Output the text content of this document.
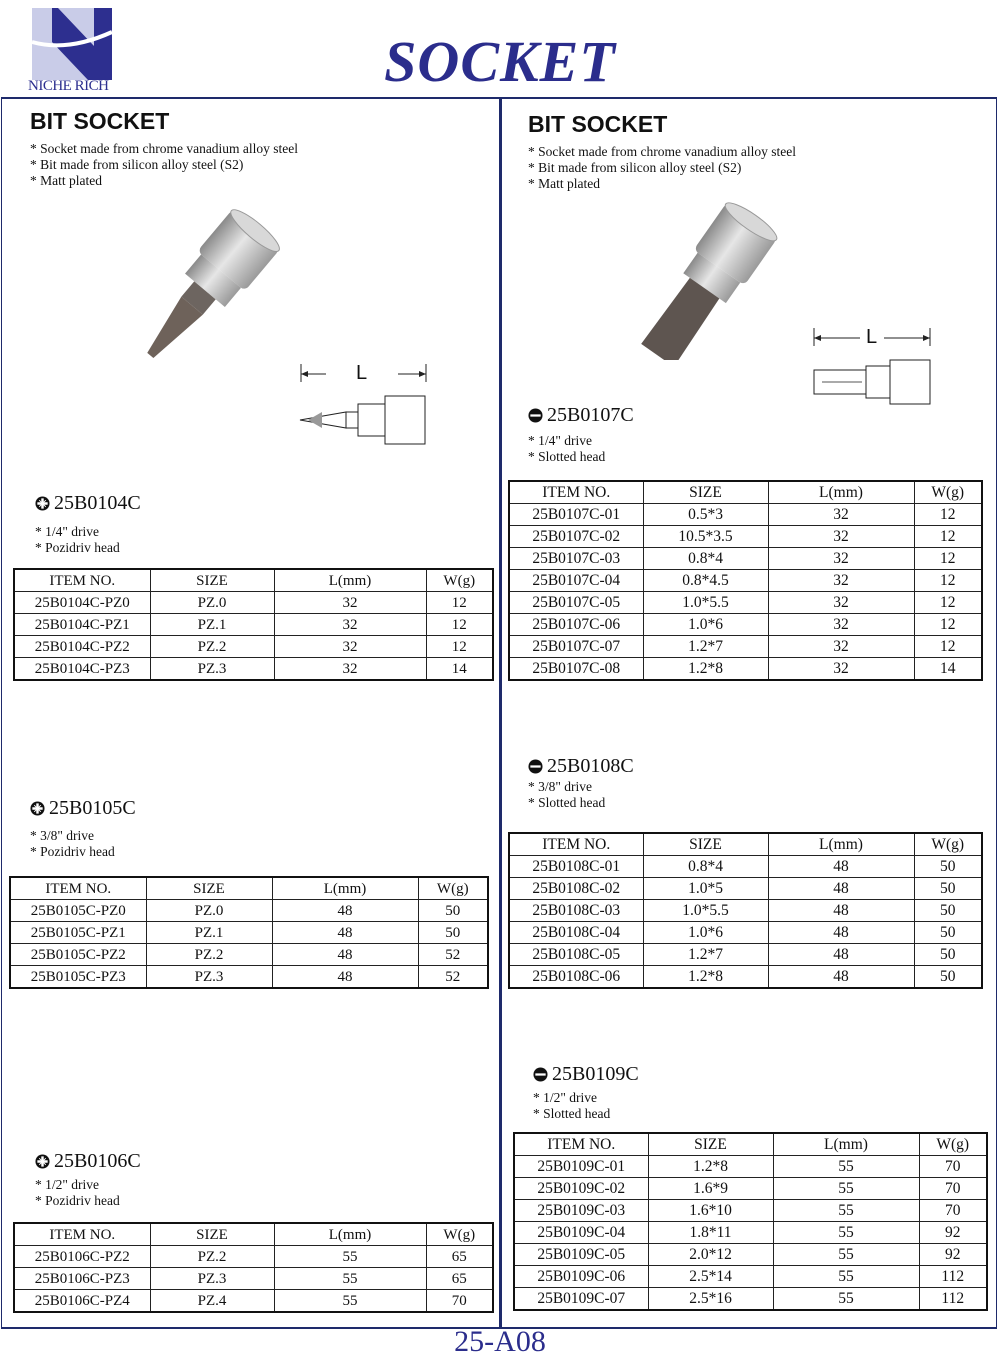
NICHE RICH	SOCKET
BIT SOCKET
* Socket made from chrome vanadium alloy steel
* Bit made from silicon alloy steel (S2)
* Matt plated
BIT SOCKET
* Socket made from chrome vanadium alloy steel
* Bit made from silicon alloy steel (S2)
* Matt plated
L
L
25B0104C
* 1/4" drive
* Pozidriv head
ITEM NO.	SIZE	L(mm)	W(g)
25B0104C-PZ0	PZ.0	32	12
25B0104C-PZ1	PZ.1	32	12
25B0104C-PZ2	PZ.2	32	12
25B0104C-PZ3	PZ.3	32	14
25B0105C
* 3/8" drive
* Pozidriv head
ITEM NO.	SIZE	L(mm)	W(g)
25B0105C-PZ0	PZ.0	48	50
25B0105C-PZ1	PZ.1	48	50
25B0105C-PZ2	PZ.2	48	52
25B0105C-PZ3	PZ.3	48	52
25B0106C
* 1/2" drive
* Pozidriv head
ITEM NO.	SIZE	L(mm)	W(g)
25B0106C-PZ2	PZ.2	55	65
25B0106C-PZ3	PZ.3	55	65
25B0106C-PZ4	PZ.4	55	70
25B0107C
* 1/4" drive
* Slotted head
ITEM NO.	SIZE	L(mm)	W(g)
25B0107C-01	0.5*3	32	12
25B0107C-02	10.5*3.5	32	12
25B0107C-03	0.8*4	32	12
25B0107C-04	0.8*4.5	32	12
25B0107C-05	1.0*5.5	32	12
25B0107C-06	1.0*6	32	12
25B0107C-07	1.2*7	32	12
25B0107C-08	1.2*8	32	14
25B0108C
* 3/8" drive
* Slotted head
ITEM NO.	SIZE	L(mm)	W(g)
25B0108C-01	0.8*4	48	50
25B0108C-02	1.0*5	48	50
25B0108C-03	1.0*5.5	48	50
25B0108C-04	1.0*6	48	50
25B0108C-05	1.2*7	48	50
25B0108C-06	1.2*8	48	50
25B0109C
* 1/2" drive
* Slotted head
ITEM NO.	SIZE	L(mm)	W(g)
25B0109C-01	1.2*8	55	70
25B0109C-02	1.6*9	55	70
25B0109C-03	1.6*10	55	70
25B0109C-04	1.8*11	55	92
25B0109C-05	2.0*12	55	92
25B0109C-06	2.5*14	55	112
25B0109C-07	2.5*16	55	112
25-A08
